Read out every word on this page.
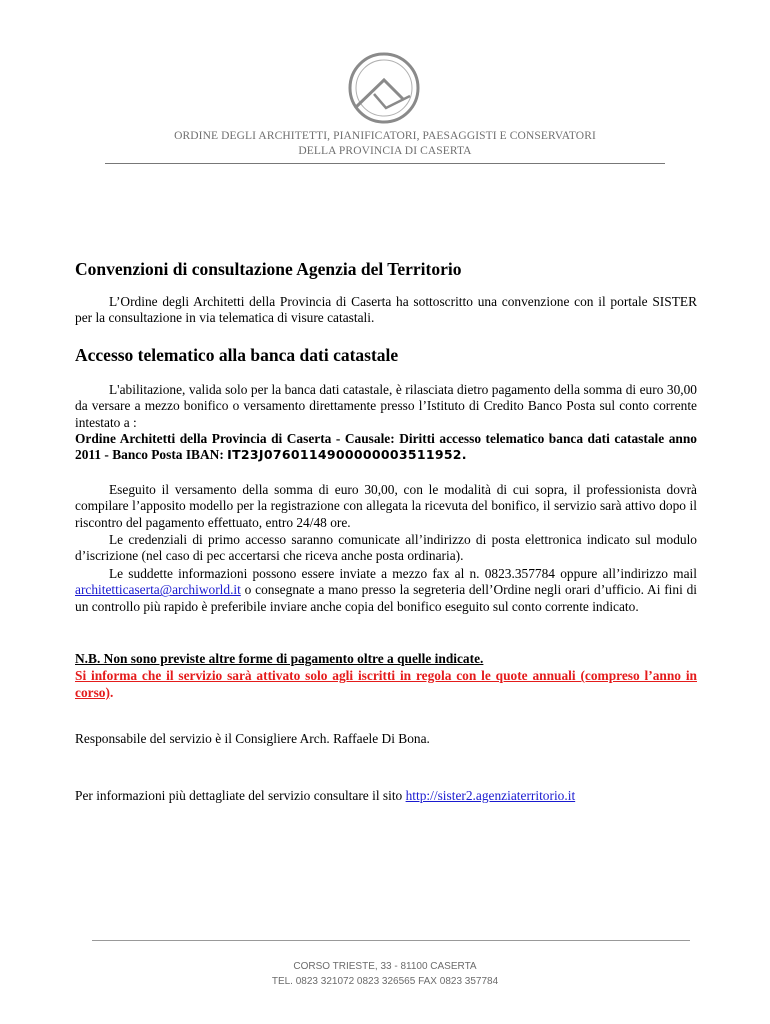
ORDINE DEGLI ARCHITETTI, PIANIFICATORI, PAESAGGISTI E CONSERVATORI
DELLA PROVINCIA DI CASERTA
Convenzioni di consultazione Agenzia del Territorio
L’Ordine degli Architetti della Provincia di Caserta ha sottoscritto una convenzione con il portale SISTER per la consultazione in via telematica di visure catastali.
Accesso telematico alla banca dati catastale
L'abilitazione, valida solo per la banca dati catastale, è rilasciata dietro pagamento della somma di euro 30,00 da versare a mezzo bonifico o versamento direttamente presso l’Istituto di Credito Banco Posta sul conto corrente intestato a :
Ordine Architetti della Provincia di Caserta - Causale: Diritti accesso telematico banca dati catastale anno 2011 - Banco Posta IBAN: IT23J0760114900000003511952.
Eseguito il versamento della somma di euro 30,00, con le modalità di cui sopra, il professionista dovrà compilare l’apposito modello per la registrazione con allegata la ricevuta del bonifico, il servizio sarà attivo dopo il riscontro del pagamento effettuato, entro 24/48 ore.
Le credenziali di primo accesso saranno comunicate all’indirizzo di posta elettronica indicato sul modulo d’iscrizione (nel caso di pec accertarsi che riceva anche posta ordinaria).
Le suddette informazioni possono essere inviate a mezzo fax al n. 0823.357784 oppure all’indirizzo mail architetticaserta@archiworld.it o consegnate a mano presso la segreteria dell’Ordine negli orari d’ufficio. Ai fini di un controllo più rapido è preferibile inviare anche copia del bonifico eseguito sul conto corrente indicato.
N.B. Non sono previste altre forme di pagamento oltre a quelle indicate.
Si informa che il servizio sarà attivato solo agli iscritti in regola con le quote annuali (compreso l’anno in corso).
Responsabile del servizio è il Consigliere Arch. Raffaele Di Bona.
Per informazioni più dettagliate del servizio consultare il sito http://sister2.agenziaterritorio.it
CORSO TRIESTE, 33 - 81100 CASERTA
TEL. 0823 321072 0823 326565 FAX 0823 357784
